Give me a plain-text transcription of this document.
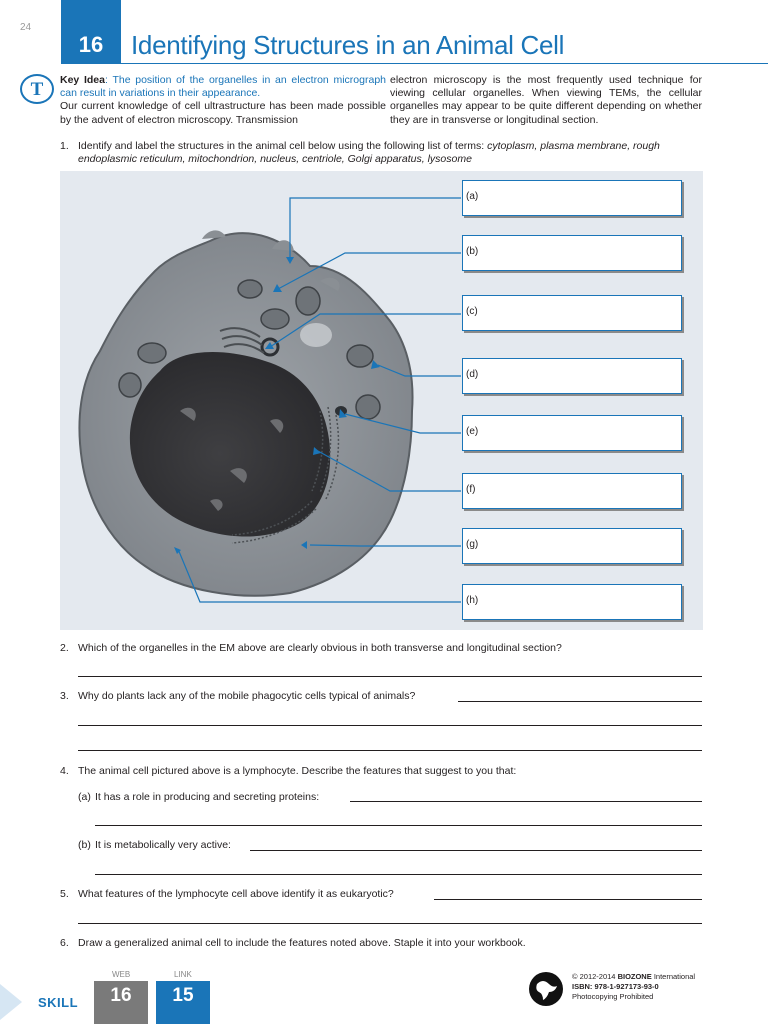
24
16	Identifying Structures in an Animal Cell
T	Key Idea: The position of the organelles in an electron micrograph can result in variations in their appearance.
Our current knowledge of cell ultrastructure has been made possible by the advent of electron microscopy. Transmission
electron microscopy is the most frequently used technique for viewing cellular organelles. When viewing TEMs, the cellular organelles may appear to be quite different depending on whether they are in transverse or longitudinal section.
1. Identify and label the structures in the animal cell below using the following list of terms: cytoplasm, plasma membrane, rough endoplasmic reticulum, mitochondrion, nucleus, centriole, Golgi apparatus, lysosome
(a)
(b)
(c)
(d)
(e)
(f)
(g)
(h)
2. Which of the organelles in the EM above are clearly obvious in both transverse and longitudinal section?
3. Why do plants lack any of the mobile phagocytic cells typical of animals?
4. The animal cell pictured above is a lymphocyte. Describe the features that suggest to you that:
(a) It has a role in producing and secreting proteins:
(b) It is metabolically very active:
5. What features of the lymphocyte cell above identify it as eukaryotic?
6. Draw a generalized animal cell to include the features noted above. Staple it into your workbook.
SKILL
WEB	LINK
16	15
© 2012-2014 BIOZONE International
ISBN: 978-1-927173-93-0
Photocopying Prohibited
